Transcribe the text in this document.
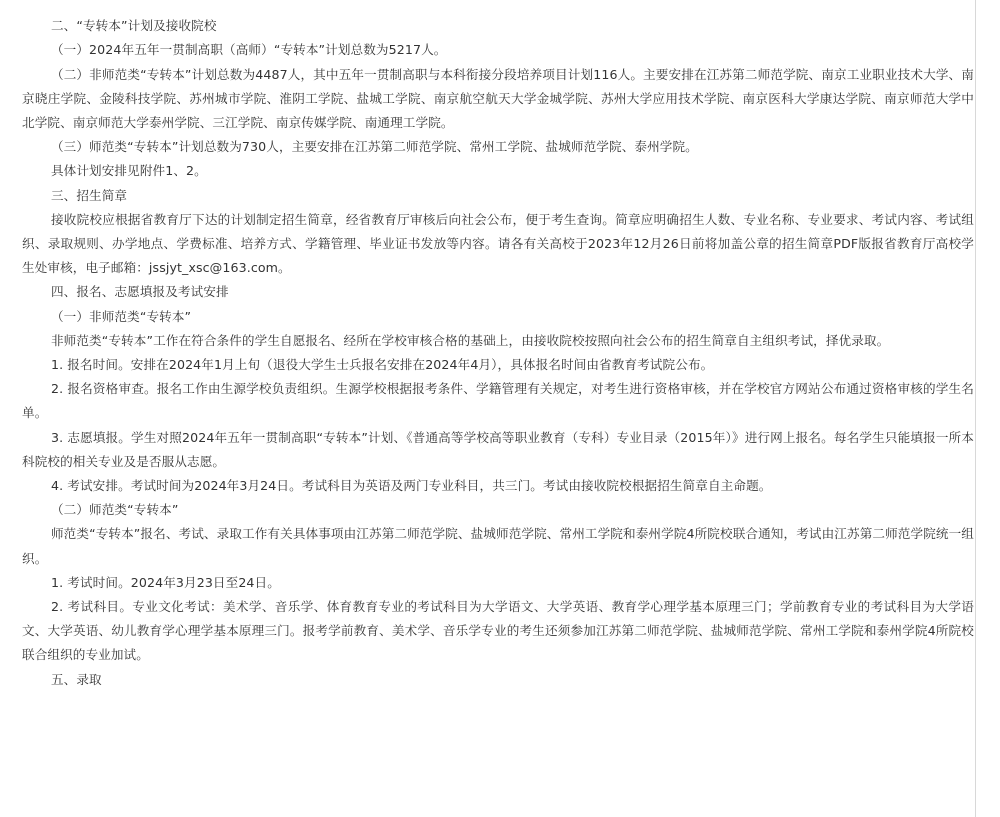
二、“专转本”计划及接收院校

（一）2024年五年一贯制高职（高师）“专转本”计划总数为5217人。

（二）非师范类“专转本”计划总数为4487人，其中五年一贯制高职与本科衔接分段培养项目计划116人。主要安排在江苏第二师范学院、南京工业职业技术大学、南京晓庄学院、金陵科技学院、苏州城市学院、淮阴工学院、盐城工学院、南京航空航天大学金城学院、苏州大学应用技术学院、南京医科大学康达学院、南京师范大学中北学院、南京师范大学泰州学院、三江学院、南京传媒学院、南通理工学院。

（三）师范类“专转本”计划总数为730人，主要安排在江苏第二师范学院、常州工学院、盐城师范学院、泰州学院。

具体计划安排见附件1、2。

三、招生简章

接收院校应根据省教育厅下达的计划制定招生简章，经省教育厅审核后向社会公布，便于考生查询。简章应明确招生人数、专业名称、专业要求、考试内容、考试组织、录取规则、办学地点、学费标准、培养方式、学籍管理、毕业证书发放等内容。请各有关高校于2023年12月26日前将加盖公章的招生简章PDF版报省教育厅高校学生处审核，电子邮箱：jssjyt_xsc@163.com。

四、报名、志愿填报及考试安排

（一）非师范类“专转本”

非师范类“专转本”工作在符合条件的学生自愿报名、经所在学校审核合格的基础上，由接收院校按照向社会公布的招生简章自主组织考试，择优录取。

1. 报名时间。安排在2024年1月上旬（退役大学生士兵报名安排在2024年4月），具体报名时间由省教育考试院公布。

2. 报名资格审查。报名工作由生源学校负责组织。生源学校根据报考条件、学籍管理有关规定，对考生进行资格审核，并在学校官方网站公布通过资格审核的学生名单。

3. 志愿填报。学生对照2024年五年一贯制高职“专转本”计划、《普通高等学校高等职业教育（专科）专业目录（2015年）》进行网上报名。每名学生只能填报一所本科院校的相关专业及是否服从志愿。

4. 考试安排。考试时间为2024年3月24日。考试科目为英语及两门专业科目，共三门。考试由接收院校根据招生简章自主命题。

（二）师范类“专转本”

师范类“专转本”报名、考试、录取工作有关具体事项由江苏第二师范学院、盐城师范学院、常州工学院和泰州学院4所院校联合通知，考试由江苏第二师范学院统一组织。

1. 考试时间。2024年3月23日至24日。

2. 考试科目。专业文化考试：美术学、音乐学、体育教育专业的考试科目为大学语文、大学英语、教育学心理学基本原理三门；学前教育专业的考试科目为大学语文、大学英语、幼儿教育学心理学基本原理三门。报考学前教育、美术学、音乐学专业的考生还须参加江苏第二师范学院、盐城师范学院、常州工学院和泰州学院4所院校联合组织的专业加试。

五、录取
